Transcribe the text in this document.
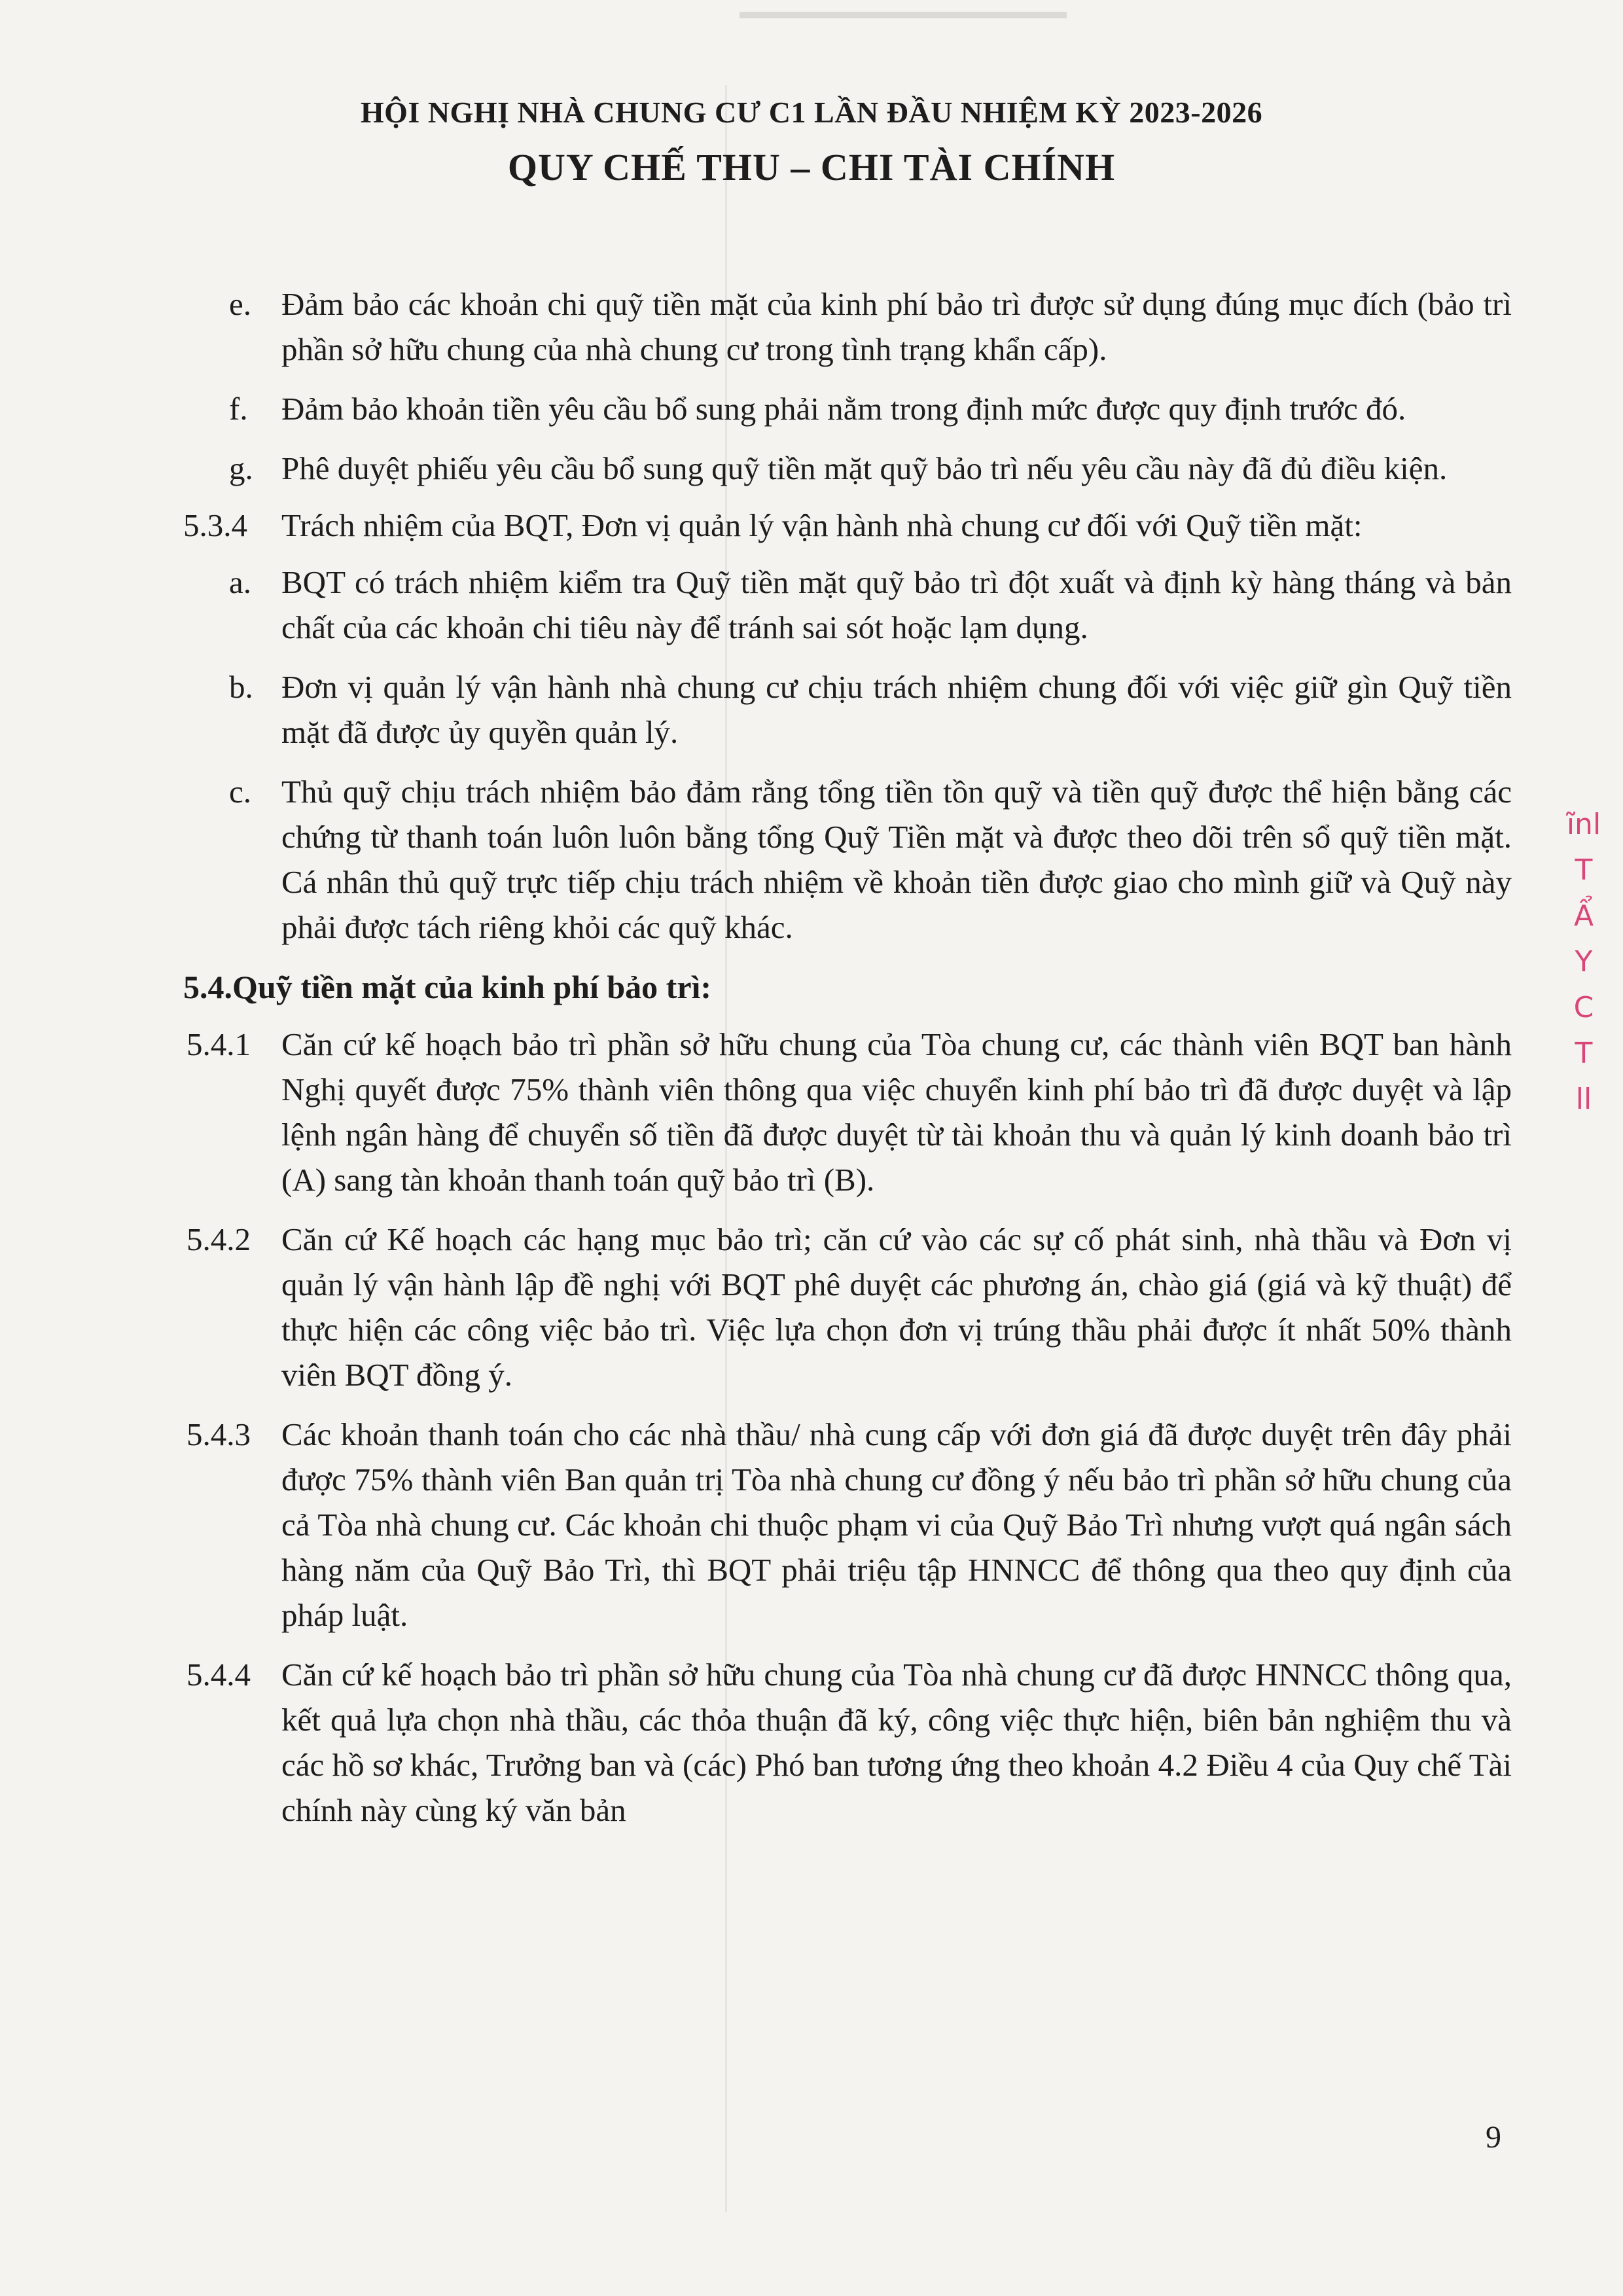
HỘI NGHỊ NHÀ CHUNG CƯ C1 LẦN ĐẦU NHIỆM KỲ 2023-2026
QUY CHẾ THU – CHI TÀI CHÍNH
e. Đảm bảo các khoản chi quỹ tiền mặt của kinh phí bảo trì được sử dụng đúng mục đích (bảo trì phần sở hữu chung của nhà chung cư trong tình trạng khẩn cấp).
f. Đảm bảo khoản tiền yêu cầu bổ sung phải nằm trong định mức được quy định trước đó.
g. Phê duyệt phiếu yêu cầu bổ sung quỹ tiền mặt quỹ bảo trì nếu yêu cầu này đã đủ điều kiện.
5.3.4 Trách nhiệm của BQT, Đơn vị quản lý vận hành nhà chung cư đối với Quỹ tiền mặt:
a. BQT có trách nhiệm kiểm tra Quỹ tiền mặt quỹ bảo trì đột xuất và định kỳ hàng tháng và bản chất của các khoản chi tiêu này để tránh sai sót hoặc lạm dụng.
b. Đơn vị quản lý vận hành nhà chung cư chịu trách nhiệm chung đối với việc giữ gìn Quỹ tiền mặt đã được ủy quyền quản lý.
c. Thủ quỹ chịu trách nhiệm bảo đảm rằng tổng tiền tồn quỹ và tiền quỹ được thể hiện bằng các chứng từ thanh toán luôn luôn bằng tổng Quỹ Tiền mặt và được theo dõi trên sổ quỹ tiền mặt. Cá nhân thủ quỹ trực tiếp chịu trách nhiệm về khoản tiền được giao cho mình giữ và Quỹ này phải được tách riêng khỏi các quỹ khác.
5.4.Quỹ tiền mặt của kinh phí bảo trì:
5.4.1 Căn cứ kế hoạch bảo trì phần sở hữu chung của Tòa chung cư, các thành viên BQT ban hành Nghị quyết được 75% thành viên thông qua việc chuyển kinh phí bảo trì đã được duyệt và lập lệnh ngân hàng để chuyển số tiền đã được duyệt từ tài khoản thu và quản lý kinh doanh bảo trì (A) sang tàn khoản thanh toán quỹ bảo trì (B).
5.4.2 Căn cứ Kế hoạch các hạng mục bảo trì; căn cứ vào các sự cố phát sinh, nhà thầu và Đơn vị quản lý vận hành lập đề nghị với BQT phê duyệt các phương án, chào giá (giá và kỹ thuật) để thực hiện các công việc bảo trì. Việc lựa chọn đơn vị trúng thầu phải được ít nhất 50% thành viên BQT đồng ý.
5.4.3 Các khoản thanh toán cho các nhà thầu/ nhà cung cấp với đơn giá đã được duyệt trên đây phải được 75% thành viên Ban quản trị Tòa nhà chung cư đồng ý nếu bảo trì phần sở hữu chung của cả Tòa nhà chung cư. Các khoản chi thuộc phạm vi của Quỹ Bảo Trì nhưng vượt quá ngân sách hàng năm của Quỹ Bảo Trì, thì BQT phải triệu tập HNNCC để thông qua theo quy định của pháp luật.
5.4.4 Căn cứ kế hoạch bảo trì phần sở hữu chung của Tòa nhà chung cư đã được HNNCC thông qua, kết quả lựa chọn nhà thầu, các thỏa thuận đã ký, công việc thực hiện, biên bản nghiệm thu và các hồ sơ khác, Trưởng ban và (các) Phó ban tương ứng theo khoản 4.2 Điều 4 của Quy chế Tài chính này cùng ký văn bản
9
ĩnl
T
Ẩ
Y
C
T
ll
